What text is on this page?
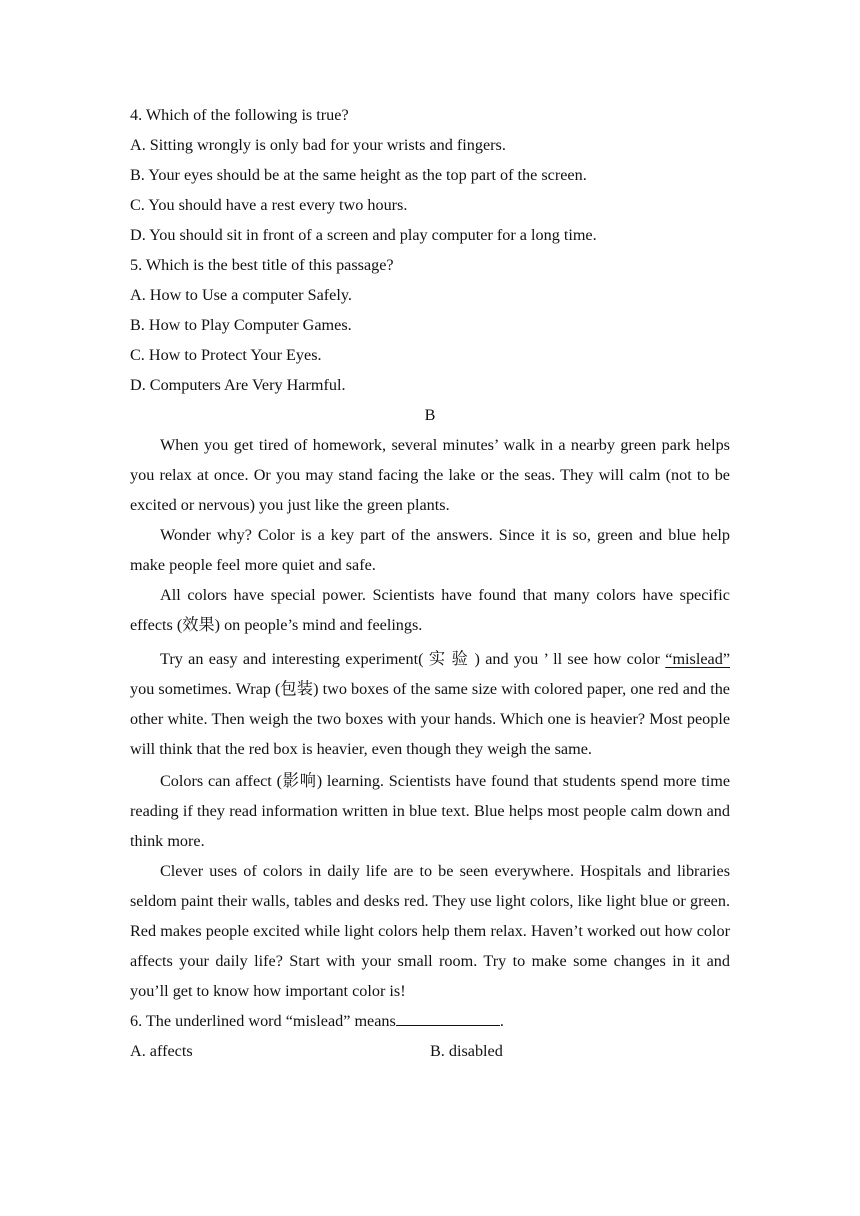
4. Which of the following is true?
A. Sitting wrongly is only bad for your wrists and fingers.
B. Your eyes should be at the same height as the top part of the screen.
C. You should have a rest every two hours.
D. You should sit in front of a screen and play computer for a long time.
5. Which is the best title of this passage?
A. How to Use a computer Safely.
B. How to Play Computer Games.
C. How to Protect Your Eyes.
D. Computers Are Very Harmful.
B

When you get tired of homework, several minutes’ walk in a nearby green park helps you relax at once. Or you may stand facing the lake or the seas. They will calm (not to be excited or nervous) you just like the green plants.

Wonder why? Color is a key part of the answers. Since it is so, green and blue help make people feel more quiet and safe.

All colors have special power. Scientists have found that many colors have specific effects (效果) on people’s mind and feelings.

Try an easy and interesting experiment( 实 验 ) and you ’ ll see how color “mislead” you sometimes. Wrap (包装) two boxes of the same size with colored paper, one red and the other white. Then weigh the two boxes with your hands. Which one is heavier? Most people will think that the red box is heavier, even though they weigh the same.

Colors can affect (影响) learning. Scientists have found that students spend more time reading if they read information written in blue text. Blue helps most people calm down and think more.

Clever uses of colors in daily life are to be seen everywhere. Hospitals and libraries seldom paint their walls, tables and desks red. They use light colors, like light blue or green. Red makes people excited while light colors help them relax. Haven’t worked out how color affects your daily life? Start with your small room. Try to make some changes in it and you’ll get to know how important color is!

6. The underlined word “mislead” means	.
A. affects	B. disabled
